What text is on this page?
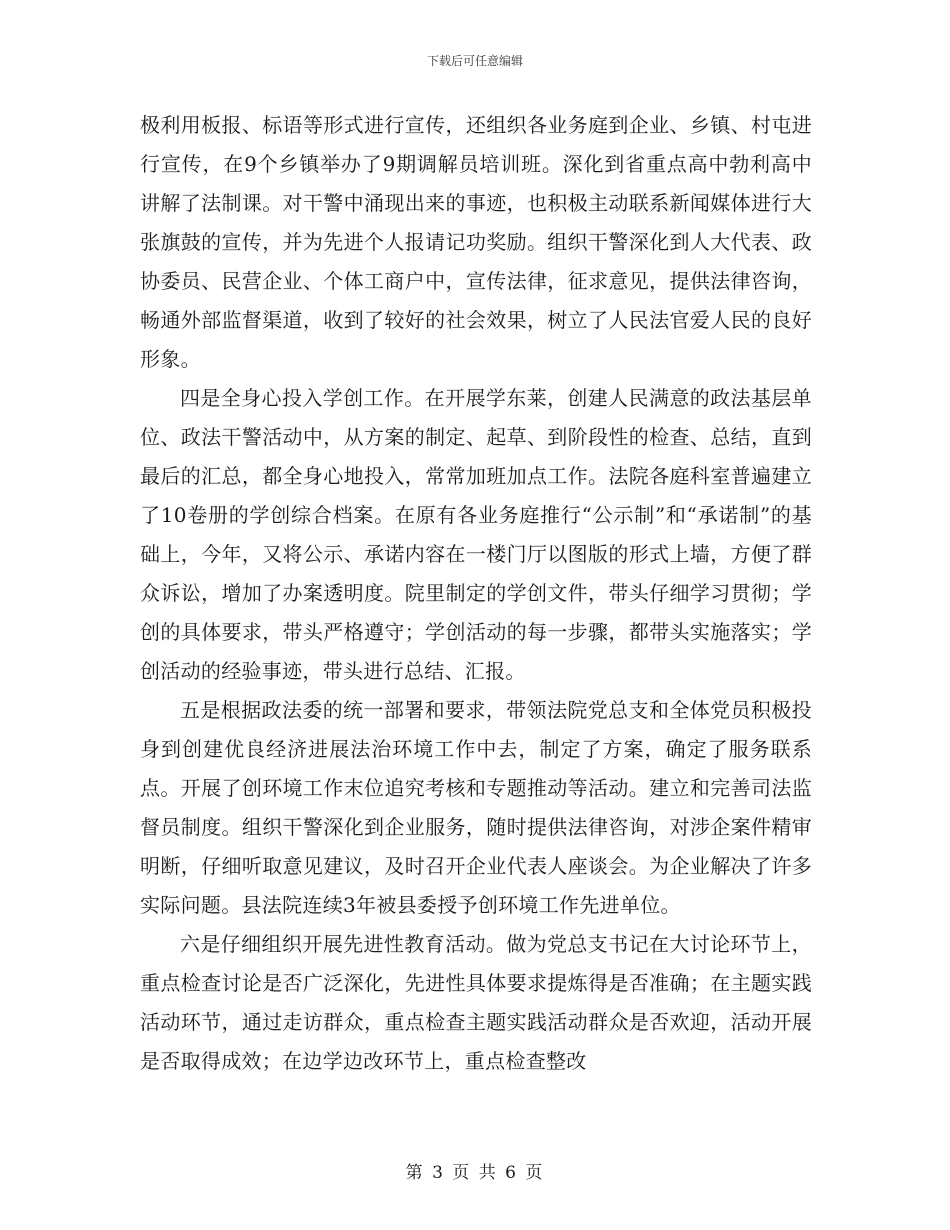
下载后可任意编辑

极利用板报、标语等形式进行宣传，还组织各业务庭到企业、乡镇、村屯进行宣传，在9个乡镇举办了9期调解员培训班。深化到省重点高中勃利高中讲解了法制课。对干警中涌现出来的事迹，也积极主动联系新闻媒体进行大张旗鼓的宣传，并为先进个人报请记功奖励。组织干警深化到人大代表、政协委员、民营企业、个体工商户中，宣传法律，征求意见，提供法律咨询，畅通外部监督渠道，收到了较好的社会效果，树立了人民法官爱人民的良好形象。

四是全身心投入学创工作。在开展学东莱，创建人民满意的政法基层单位、政法干警活动中，从方案的制定、起草、到阶段性的检查、总结，直到最后的汇总，都全身心地投入，常常加班加点工作。法院各庭科室普遍建立了10卷册的学创综合档案。在原有各业务庭推行“公示制”和“承诺制”的基础上，今年，又将公示、承诺内容在一楼门厅以图版的形式上墙，方便了群众诉讼，增加了办案透明度。院里制定的学创文件，带头仔细学习贯彻；学创的具体要求，带头严格遵守；学创活动的每一步骤，都带头实施落实；学创活动的经验事迹，带头进行总结、汇报。

五是根据政法委的统一部署和要求，带领法院党总支和全体党员积极投身到创建优良经济进展法治环境工作中去，制定了方案，确定了服务联系点。开展了创环境工作末位追究考核和专题推动等活动。建立和完善司法监督员制度。组织干警深化到企业服务，随时提供法律咨询，对涉企案件精审明断，仔细听取意见建议，及时召开企业代表人座谈会。为企业解决了许多实际问题。县法院连续3年被县委授予创环境工作先进单位。

六是仔细组织开展先进性教育活动。做为党总支书记在大讨论环节上，重点检查讨论是否广泛深化，先进性具体要求提炼得是否准确；在主题实践活动环节，通过走访群众，重点检查主题实践活动群众是否欢迎，活动开展是否取得成效；在边学边改环节上，重点检查整改

第 3 页 共 6 页
